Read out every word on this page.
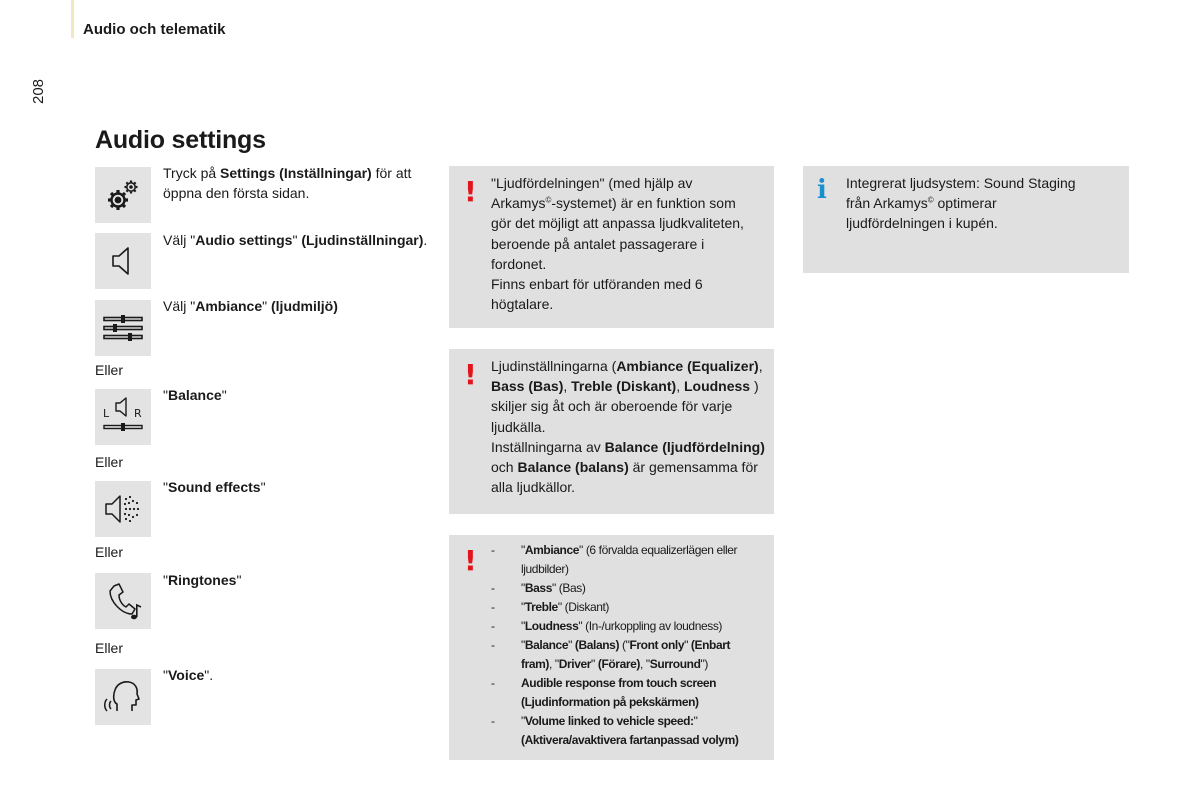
Audio och telematik
208
Audio settings
Tryck på Settings (Inställningar) för att öppna den första sidan.
Välj "Audio settings" (Ljudinställningar).
Välj "Ambiance" (ljudmiljö)
Eller
L R
"Balance"
Eller
"Sound effects"
Eller
"Ringtones"
Eller
"Voice".
! "Ljudfördelningen" (med hjälp av Arkamys©-systemet) är en funktion som gör det möjligt att anpassa ljudkvaliteten, beroende på antalet passagerare i fordonet.
Finns enbart för utföranden med 6 högtalare.
! Ljudinställningarna (Ambiance (Equalizer), Bass (Bas), Treble (Diskant), Loudness ) skiljer sig åt och är oberoende för varje ljudkälla.
Inställningarna av Balance (ljudfördelning) och Balance (balans) är gemensamma för alla ljudkällor.
! -	"Ambiance" (6 förvalda equalizerlägen eller ljudbilder)
-	"Bass" (Bas)
-	"Treble" (Diskant)
-	"Loudness" (In-/urkoppling av loudness)
-	"Balance" (Balans) ("Front only" (Enbart fram), "Driver" (Förare), "Surround")
-	Audible response from touch screen (Ljudinformation på pekskärmen)
-	"Volume linked to vehicle speed:" (Aktivera/avaktivera fartanpassad volym)
i Integrerat ljudsystem: Sound Staging från Arkamys© optimerar ljudfördelningen i kupén.
